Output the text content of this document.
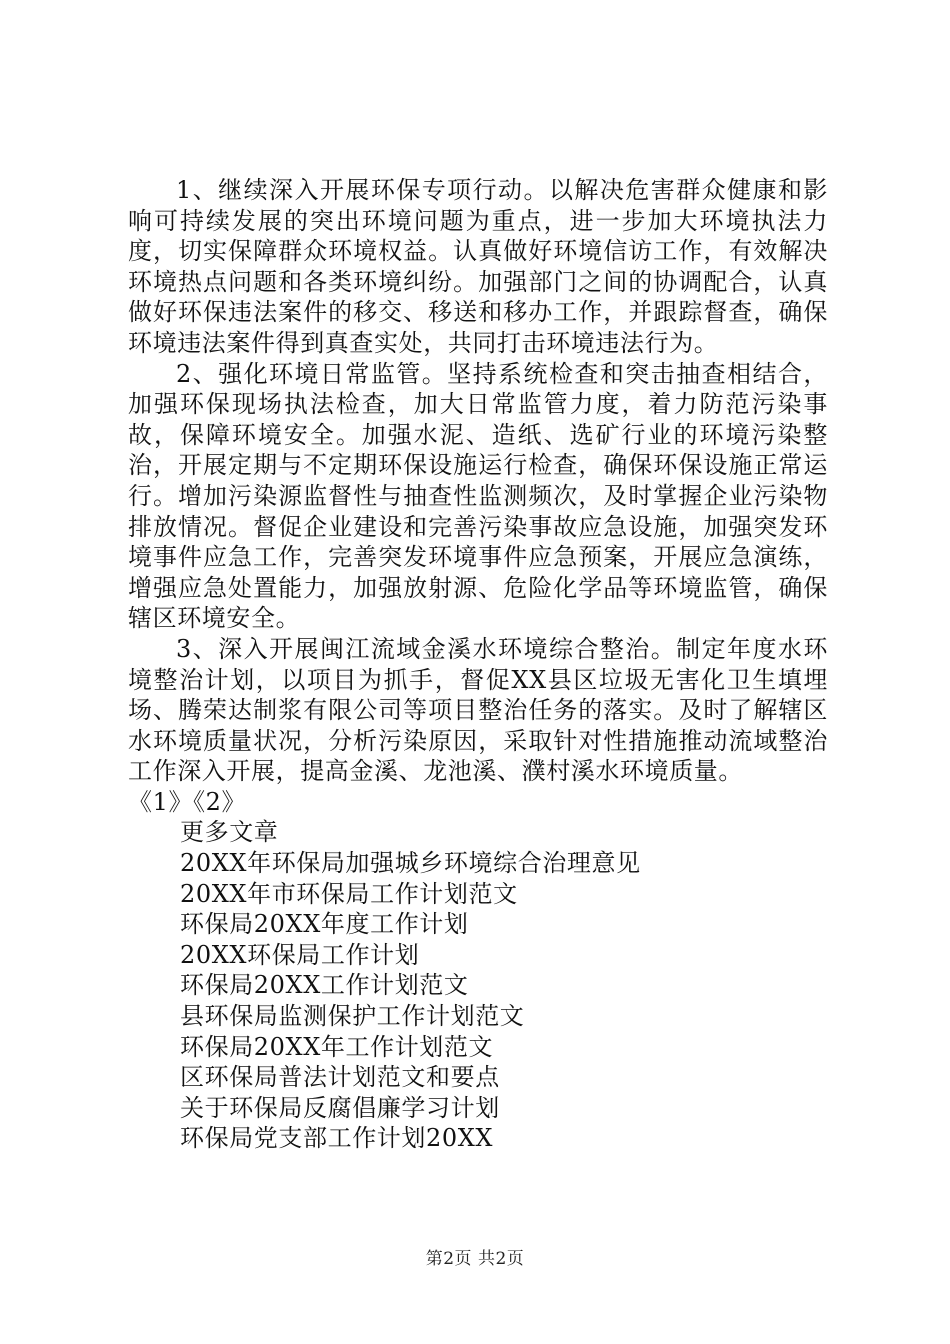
1、继续深入开展环保专项行动。以解决危害群众健康和影响可持续发展的突出环境问题为重点，进一步加大环境执法力度，切实保障群众环境权益。认真做好环境信访工作，有效解决环境热点问题和各类环境纠纷。加强部门之间的协调配合，认真做好环保违法案件的移交、移送和移办工作，并跟踪督查，确保环境违法案件得到真查实处，共同打击环境违法行为。

2、强化环境日常监管。坚持系统检查和突击抽查相结合，加强环保现场执法检查，加大日常监管力度，着力防范污染事故，保障环境安全。加强水泥、造纸、选矿行业的环境污染整治，开展定期与不定期环保设施运行检查，确保环保设施正常运行。增加污染源监督性与抽查性监测频次，及时掌握企业污染物排放情况。督促企业建设和完善污染事故应急设施，加强突发环境事件应急工作，完善突发环境事件应急预案，开展应急演练，增强应急处置能力，加强放射源、危险化学品等环境监管，确保辖区环境安全。

3、深入开展闽江流域金溪水环境综合整治。制定年度水环境整治计划，以项目为抓手，督促XX县区垃圾无害化卫生填埋场、腾荣达制浆有限公司等项目整治任务的落实。及时了解辖区水环境质量状况，分析污染原因，采取针对性措施推动流域整治工作深入开展，提高金溪、龙池溪、濮村溪水环境质量。

《1》《2》

更多文章

20XX年环保局加强城乡环境综合治理意见
20XX年市环保局工作计划范文
环保局20XX年度工作计划
20XX环保局工作计划
环保局20XX工作计划范文
县环保局监测保护工作计划范文
环保局20XX年工作计划范文
区环保局普法计划范文和要点
关于环保局反腐倡廉学习计划
环保局党支部工作计划20XX
第2页 共2页
